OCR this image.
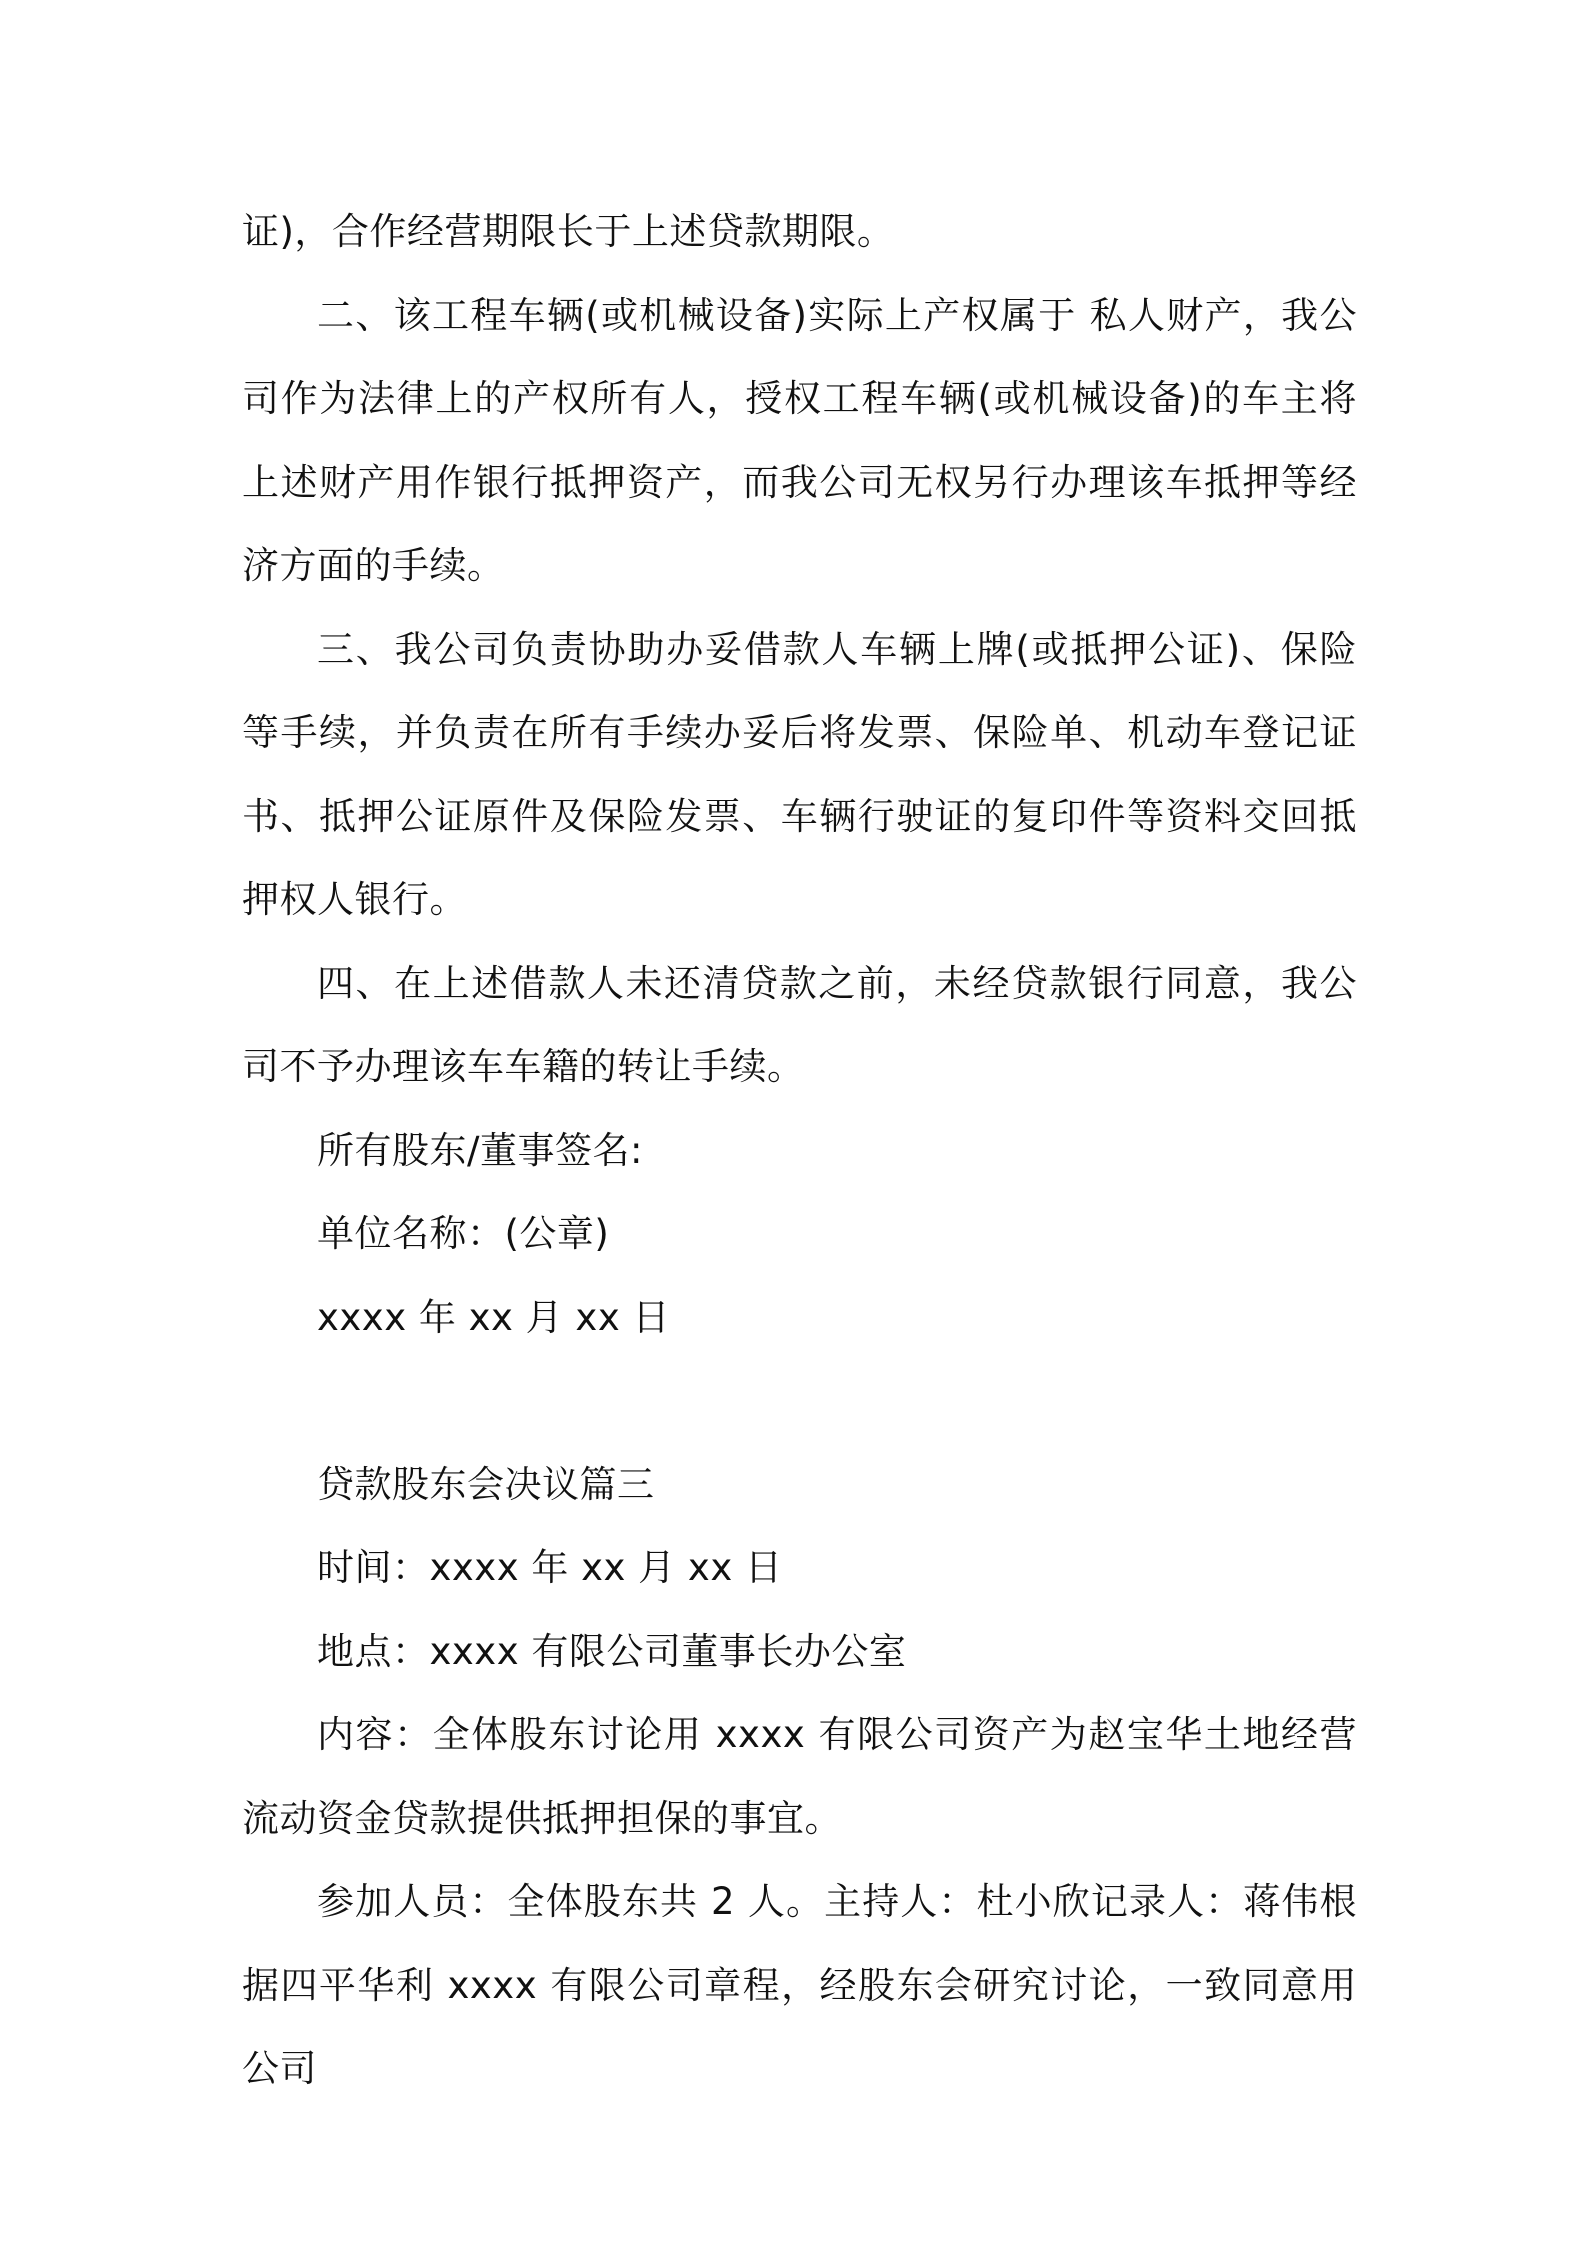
证)，合作经营期限长于上述贷款期限。

二、该工程车辆(或机械设备)实际上产权属于 私人财产，我公司作为法律上的产权所有人，授权工程车辆(或机械设备)的车主将上述财产用作银行抵押资产，而我公司无权另行办理该车抵押等经济方面的手续。

三、我公司负责协助办妥借款人车辆上牌(或抵押公证)、保险等手续，并负责在所有手续办妥后将发票、保险单、机动车登记证书、抵押公证原件及保险发票、车辆行驶证的复印件等资料交回抵押权人银行。

四、在上述借款人未还清贷款之前，未经贷款银行同意，我公司不予办理该车车籍的转让手续。

所有股东/董事签名:

单位名称：(公章)

xxxx 年 xx 月 xx 日

贷款股东会决议篇三

时间：xxxx 年 xx 月 xx 日

地点：xxxx 有限公司董事长办公室

内容：全体股东讨论用 xxxx 有限公司资产为赵宝华土地经营流动资金贷款提供抵押担保的事宜。

参加人员：全体股东共 2 人。主持人：杜小欣记录人：蒋伟根据四平华利 xxxx 有限公司章程，经股东会研究讨论，一致同意用公司
